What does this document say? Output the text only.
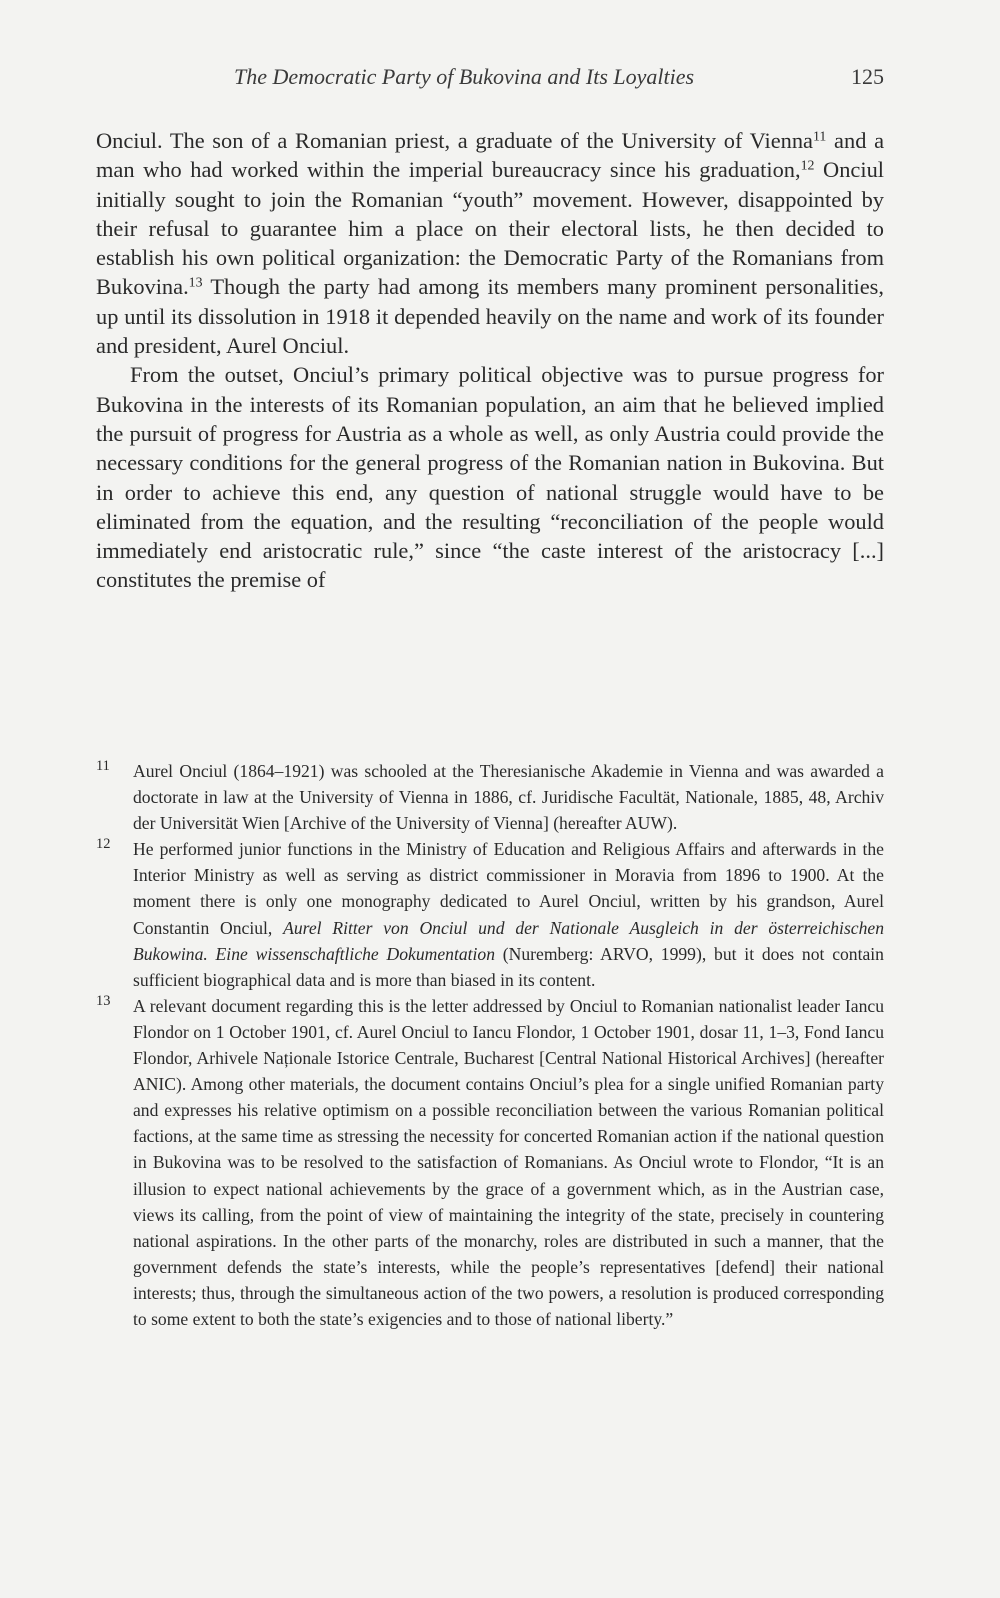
The Democratic Party of Bukovina and Its Loyalties	125

Onciul. The son of a Romanian priest, a graduate of the University of Vienna$^{11}$ and a man who had worked within the imperial bureaucracy since his graduation,$^{12}$ Onciul initially sought to join the Romanian “youth” movement. However, disappointed by their refusal to guarantee him a place on their electoral lists, he then decided to establish his own political organization: the Democratic Party of the Romanians from Bukovina.$^{13}$ Though the party had among its members many prominent personalities, up until its dissolution in 1918 it depended heavily on the name and work of its founder and president, Aurel Onciul.

From the outset, Onciul’s primary political objective was to pursue progress for Bukovina in the interests of its Romanian population, an aim that he believed implied the pursuit of progress for Austria as a whole as well, as only Austria could provide the necessary conditions for the general progress of the Romanian nation in Bukovina. But in order to achieve this end, any question of national struggle would have to be eliminated from the equation, and the resulting “reconciliation of the people would immediately end aristocratic rule,” since “the caste interest of the aristocracy [...] constitutes the premise of

11 Aurel Onciul (1864–1921) was schooled at the Theresianische Akademie in Vienna and was awarded a doctorate in law at the University of Vienna in 1886, cf. Juridische Facultät, Nationale, 1885, 48, Archiv der Universität Wien [Archive of the University of Vienna] (hereafter AUW).

12 He performed junior functions in the Ministry of Education and Religious Affairs and afterwards in the Interior Ministry as well as serving as district commissioner in Moravia from 1896 to 1900. At the moment there is only one monography dedicated to Aurel Onciul, written by his grandson, Aurel Constantin Onciul, Aurel Ritter von Onciul und der Nationale Ausgleich in der österreichischen Bukowina. Eine wissenschaftliche Dokumentation (Nuremberg: ARVO, 1999), but it does not contain sufficient biographical data and is more than biased in its content.

13 A relevant document regarding this is the letter addressed by Onciul to Romanian nationalist leader Iancu Flondor on 1 October 1901, cf. Aurel Onciul to Iancu Flondor, 1 October 1901, dosar 11, 1–3, Fond Iancu Flondor, Arhivele Naționale Istorice Centrale, Bucharest [Central National Historical Archives] (hereafter ANIC). Among other materials, the document contains Onciul’s plea for a single unified Romanian party and expresses his relative optimism on a possible reconciliation between the various Romanian political factions, at the same time as stressing the necessity for concerted Romanian action if the national question in Bukovina was to be resolved to the satisfaction of Romanians. As Onciul wrote to Flondor, “It is an illusion to expect national achievements by the grace of a government which, as in the Austrian case, views its calling, from the point of view of maintaining the integrity of the state, precisely in countering national aspirations. In the other parts of the monarchy, roles are distributed in such a manner, that the government defends the state’s interests, while the people’s representatives [defend] their national interests; thus, through the simultaneous action of the two powers, a resolution is produced corresponding to some extent to both the state’s exigencies and to those of national liberty.”
